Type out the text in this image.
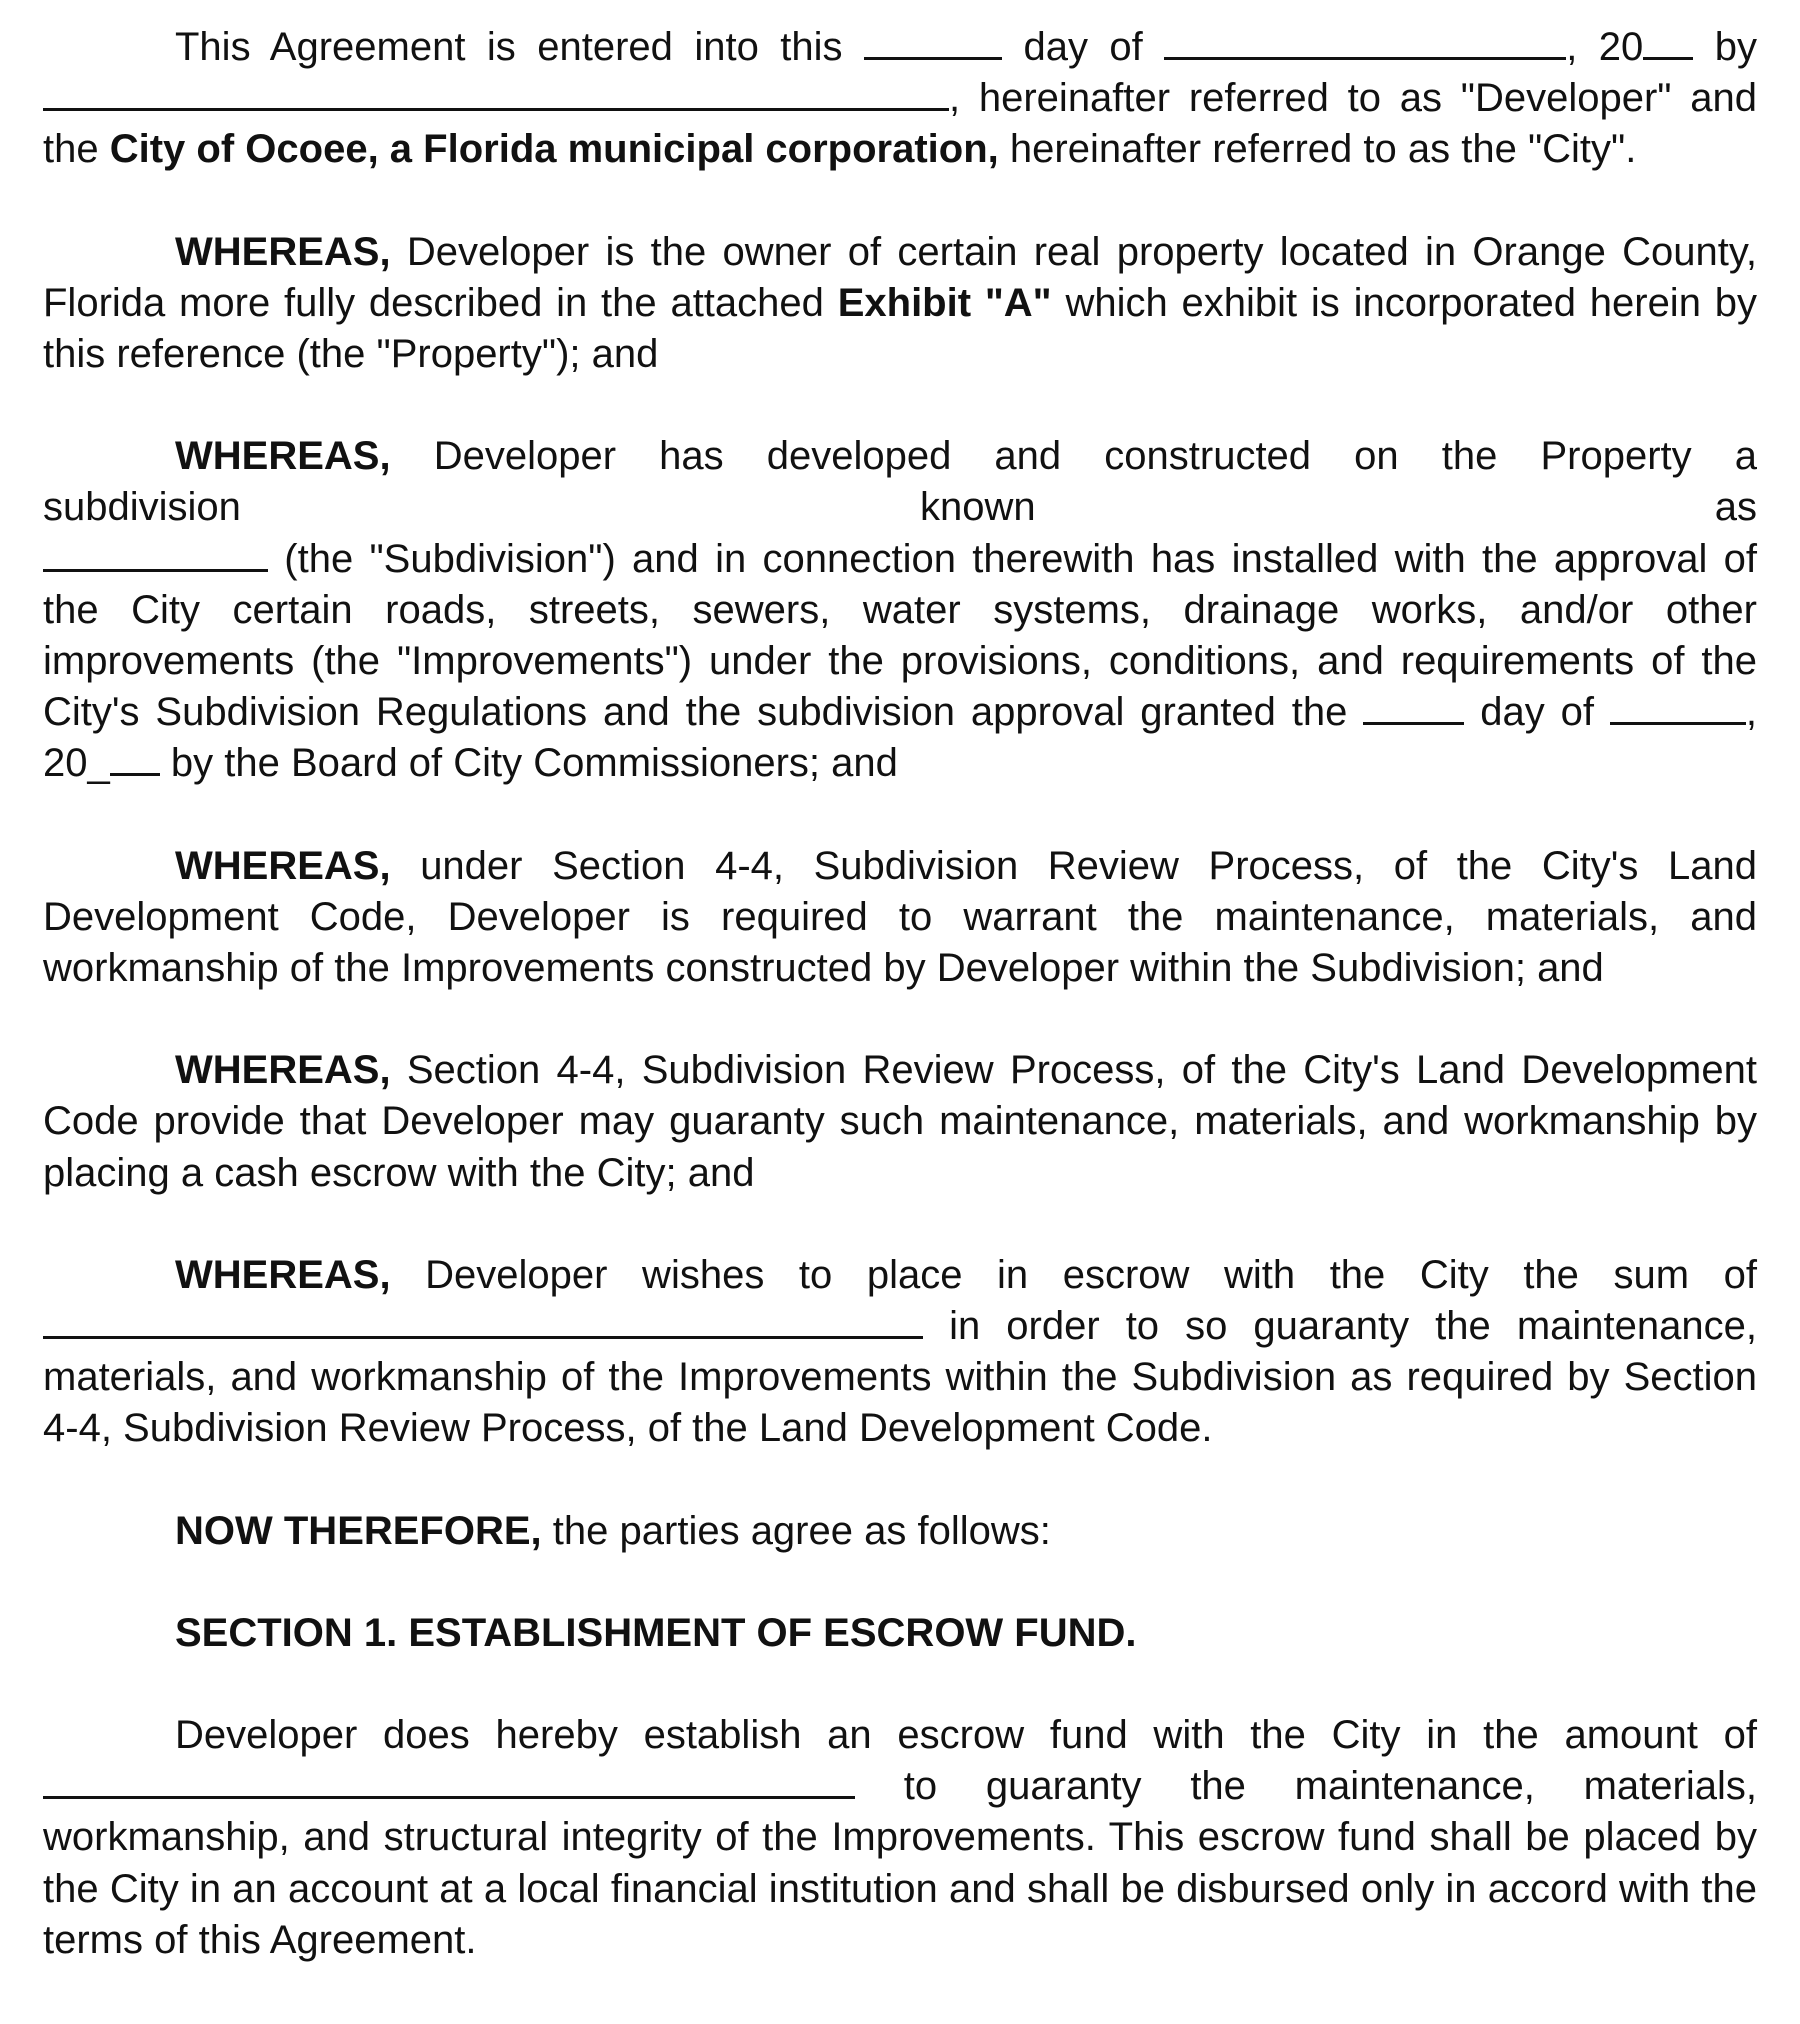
This Agreement is entered into this	day of	, 20 by , hereinafter referred to as "Developer" and the City of Ocoee, a Florida municipal corporation, hereinafter referred to as the "City".

WHEREAS, Developer is the owner of certain real property located in Orange County, Florida more fully described in the attached Exhibit "A" which exhibit is incorporated herein by this reference (the "Property"); and

WHEREAS, Developer has developed and constructed on the Property a
subdivision	known	as
(the "Subdivision") and in connection therewith has installed with the approval of the City certain roads, streets, sewers, water systems, drainage works, and/or other improvements (the "Improvements") under the provisions, conditions, and requirements of the City's Subdivision Regulations and the subdivision approval granted the	day of	, 20_ by the Board of City Commissioners; and

WHEREAS, under Section 4-4, Subdivision Review Process, of the City's Land Development Code, Developer is required to warrant the maintenance, materials, and workmanship of the Improvements constructed by Developer within the Subdivision; and

WHEREAS, Section 4-4, Subdivision Review Process, of the City's Land Development Code provide that Developer may guaranty such maintenance, materials, and workmanship by placing a cash escrow with the City; and

WHEREAS, Developer wishes to place in escrow with the City the sum of  in order to so guaranty the maintenance, materials, and workmanship of the Improvements within the Subdivision as required by Section 4-4, Subdivision Review Process, of the Land Development Code.

NOW THEREFORE, the parties agree as follows:

SECTION 1. ESTABLISHMENT OF ESCROW FUND.

Developer does hereby establish an escrow fund with the City in the amount of  to guaranty the maintenance, materials, workmanship, and structural integrity of the Improvements. This escrow fund shall be placed by the City in an account at a local financial institution and shall be disbursed only in accord with the terms of this Agreement.
